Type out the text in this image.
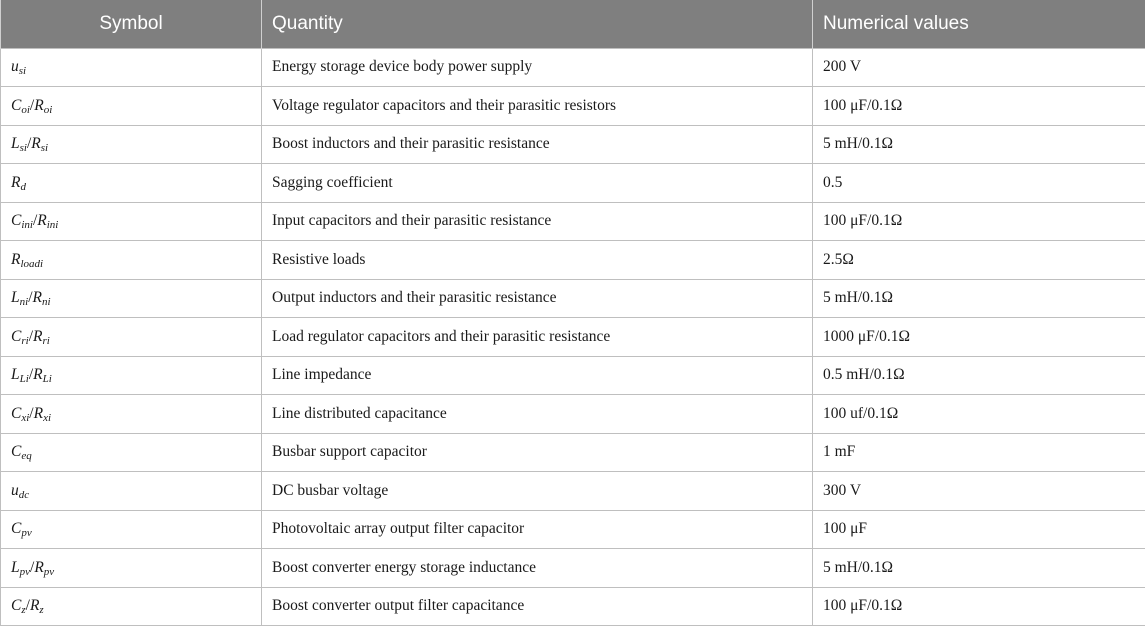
Symbol	Quantity	Numerical values
$u_{si}$	Energy storage device body power supply	200 V
$C_{oi}/R_{oi}$	Voltage regulator capacitors and their parasitic resistors	100 μF/0.1Ω
$L_{si}/R_{si}$	Boost inductors and their parasitic resistance	5 mH/0.1Ω
$R_d$	Sagging coefficient	0.5
$C_{ini}/R_{ini}$	Input capacitors and their parasitic resistance	100 μF/0.1Ω
$R_{loadi}$	Resistive loads	2.5Ω
$L_{ni}/R_{ni}$	Output inductors and their parasitic resistance	5 mH/0.1Ω
$C_{ri}/R_{ri}$	Load regulator capacitors and their parasitic resistance	1000 μF/0.1Ω
$L_{Li}/R_{Li}$	Line impedance	0.5 mH/0.1Ω
$C_{xi}/R_{xi}$	Line distributed capacitance	100 uf/0.1Ω
$C_{eq}$	Busbar support capacitor	1 mF
$u_{dc}$	DC busbar voltage	300 V
$C_{pv}$	Photovoltaic array output filter capacitor	100 μF
$L_{pv}/R_{pv}$	Boost converter energy storage inductance	5 mH/0.1Ω
$C_z/R_z$	Boost converter output filter capacitance	100 μF/0.1Ω
